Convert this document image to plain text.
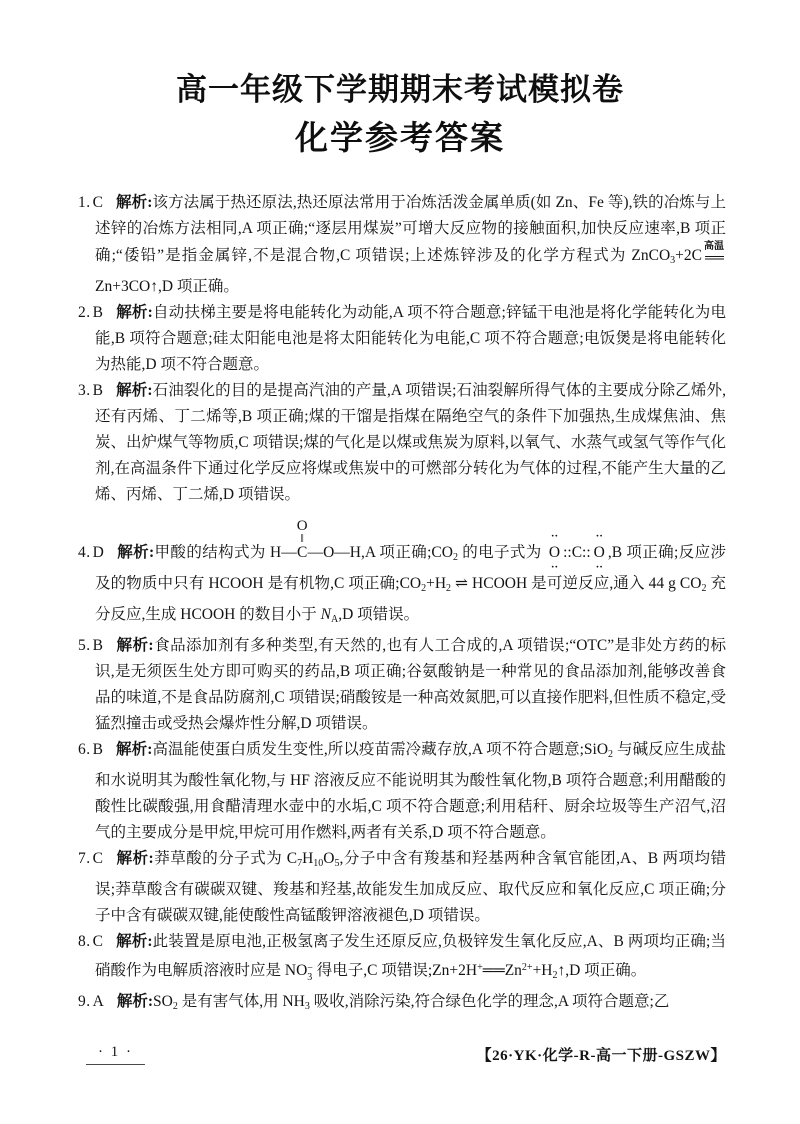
高一年级下学期期末考试模拟卷
化学参考答案
1. C 解析:该方法属于热还原法,热还原法常用于冶炼活泼金属单质(如 Zn、Fe 等),铁的冶炼与上述锌的冶炼方法相同,A 项正确;“逐层用煤炭”可增大反应物的接触面积,加快反应速率,B 项正确;“倭铅”是指金属锌,不是混合物,C 项错误;上述炼锌涉及的化学方程式为 ZnCO3+2C
高温
══
Zn+3CO↑,D 项正确。
2. B 解析:自动扶梯主要是将电能转化为动能,A 项不符合题意;锌锰干电池是将化学能转化为电能,B 项符合题意;硅太阳能电池是将太阳能转化为电能,C 项不符合题意;电饭煲是将电能转化为热能,D 项不符合题意。
3. B 解析:石油裂化的目的是提高汽油的产量,A 项错误;石油裂解所得气体的主要成分除乙烯外,还有丙烯、丁二烯等,B 项正确;煤的干馏是指煤在隔绝空气的条件下加强热,生成煤焦油、焦炭、出炉煤气等物质,C 项错误;煤的气化是以煤或焦炭为原料,以氧气、水蒸气或氢气等作气化剂,在高温条件下通过化学反应将煤或焦炭中的可燃部分转化为气体的过程,不能产生大量的乙烯、丙烯、丁二烯,D 项错误。
4. D 解析:甲酸的结构式为 H—
O
‖
C —O—H,A 项正确;CO2 的电子式为 O
··
··
::C:: O
··
··
,B 项正确;反应涉及的物质中只有 HCOOH 是有机物,C 项正确;CO2+H2 ⇌ HCOOH 是可逆反应,通入 44 g CO2 充分反应,生成 HCOOH 的数目小于 NA,D 项错误。
5. B 解析:食品添加剂有多种类型,有天然的,也有人工合成的,A 项错误;“OTC”是非处方药的标识,是无须医生处方即可购买的药品,B 项正确;谷氨酸钠是一种常见的食品添加剂,能够改善食品的味道,不是食品防腐剂,C 项错误;硝酸铵是一种高效氮肥,可以直接作肥料,但性质不稳定,受猛烈撞击或受热会爆炸性分解,D 项错误。
6. B 解析:高温能使蛋白质发生变性,所以疫苗需冷藏存放,A 项不符合题意;SiO2 与碱反应生成盐和水说明其为酸性氧化物,与 HF 溶液反应不能说明其为酸性氧化物,B 项符合题意;利用醋酸的酸性比碳酸强,用食醋清理水壶中的水垢,C 项不符合题意;利用秸秆、厨余垃圾等生产沼气,沼气的主要成分是甲烷,甲烷可用作燃料,两者有关系,D 项不符合题意。
7. C 解析:莽草酸的分子式为 C7H10O5,分子中含有羧基和羟基两种含氧官能团,A、B 两项均错误;莽草酸含有碳碳双键、羧基和羟基,故能发生加成反应、取代反应和氧化反应,C 项正确;分子中含有碳碳双键,能使酸性高锰酸钾溶液褪色,D 项错误。
8. C 解析:此装置是原电池,正极氢离子发生还原反应,负极锌发生氧化反应,A、B 两项均正确;当硝酸作为电解质溶液时应是 NO −
3 得电子,C 项错误$;Zn+2H^+══Zn^{2+}+H2↑,D$ 项正确。
9. A 解析:SO2 是有害气体,用 NH3 吸收,消除污染,符合绿色化学的理念,A 项符合题意;乙
· 1 ·	【26·YK·化学-R-高一下册-GSZW】
